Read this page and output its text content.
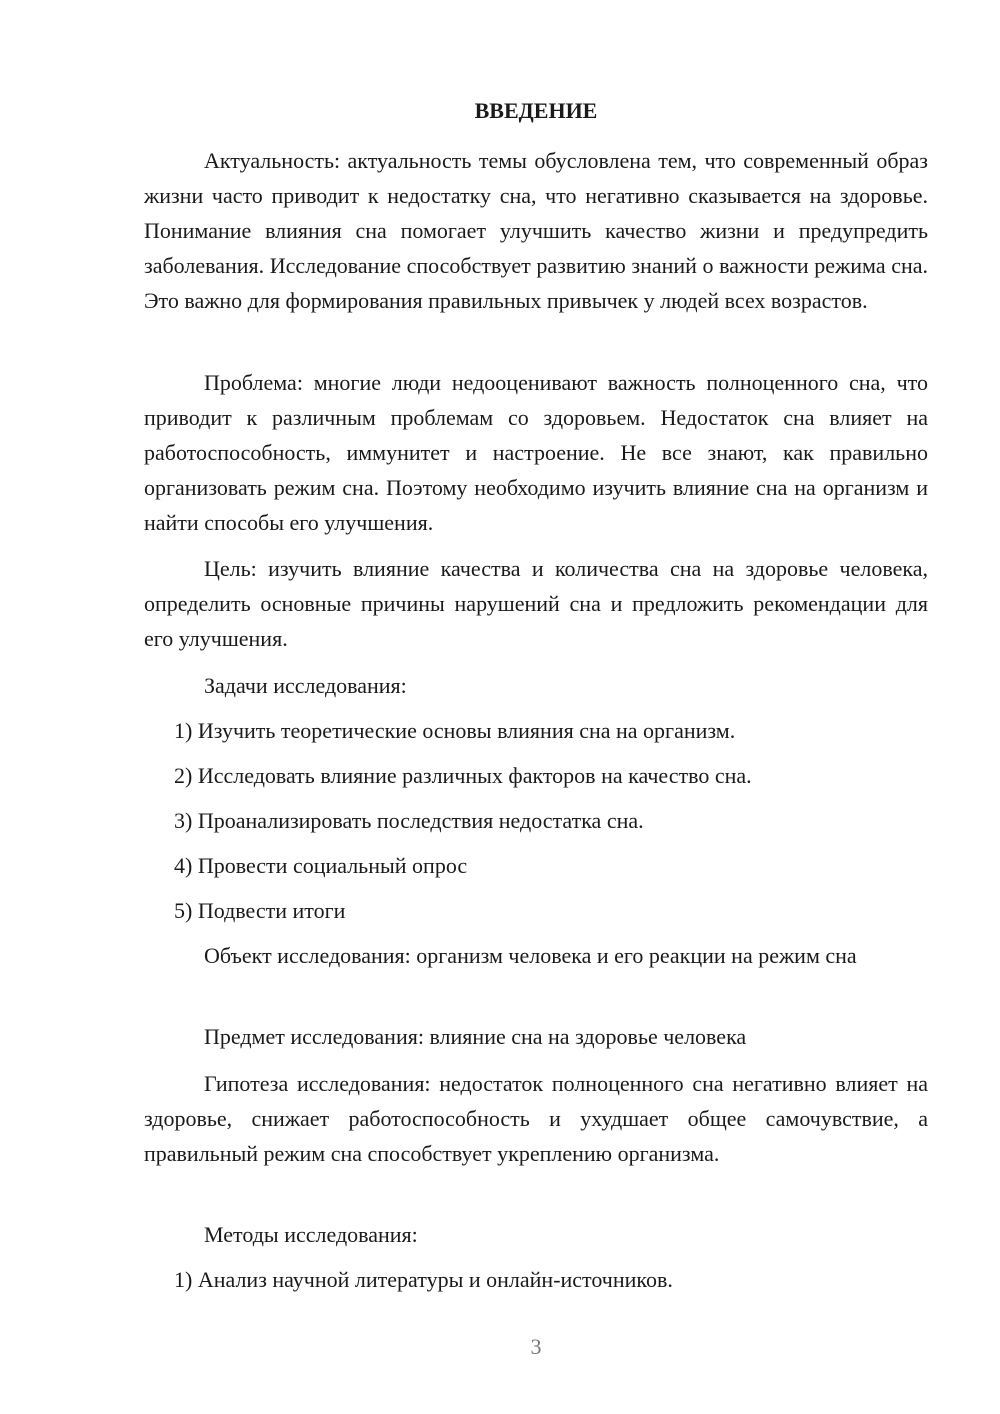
ВВЕДЕНИЕ

Актуальность: актуальность темы обусловлена тем, что современный образ жизни часто приводит к недостатку сна, что негативно сказывается на здоровье. Понимание влияния сна помогает улучшить качество жизни и предупредить заболевания. Исследование способствует развитию знаний о важности режима сна. Это важно для формирования правильных привычек у людей всех возрастов.

Проблема: многие люди недооценивают важность полноценного сна, что приводит к различным проблемам со здоровьем. Недостаток сна влияет на работоспособность, иммунитет и настроение. Не все знают, как правильно организовать режим сна. Поэтому необходимо изучить влияние сна на организм и найти способы его улучшения.

Цель: изучить влияние качества и количества сна на здоровье человека, определить основные причины нарушений сна и предложить рекомендации для его улучшения.

Задачи исследования:

1) Изучить теоретические основы влияния сна на организм.

2) Исследовать влияние различных факторов на качество сна.

3) Проанализировать последствия недостатка сна.

4) Провести социальный опрос

5) Подвести итоги

Объект исследования: организм человека и его реакции на режим сна

Предмет исследования: влияние сна на здоровье человека

Гипотеза исследования: недостаток полноценного сна негативно влияет на здоровье, снижает работоспособность и ухудшает общее самочувствие, а правильный режим сна способствует укреплению организма.

Методы исследования:

1) Анализ научной литературы и онлайн-источников.

3
